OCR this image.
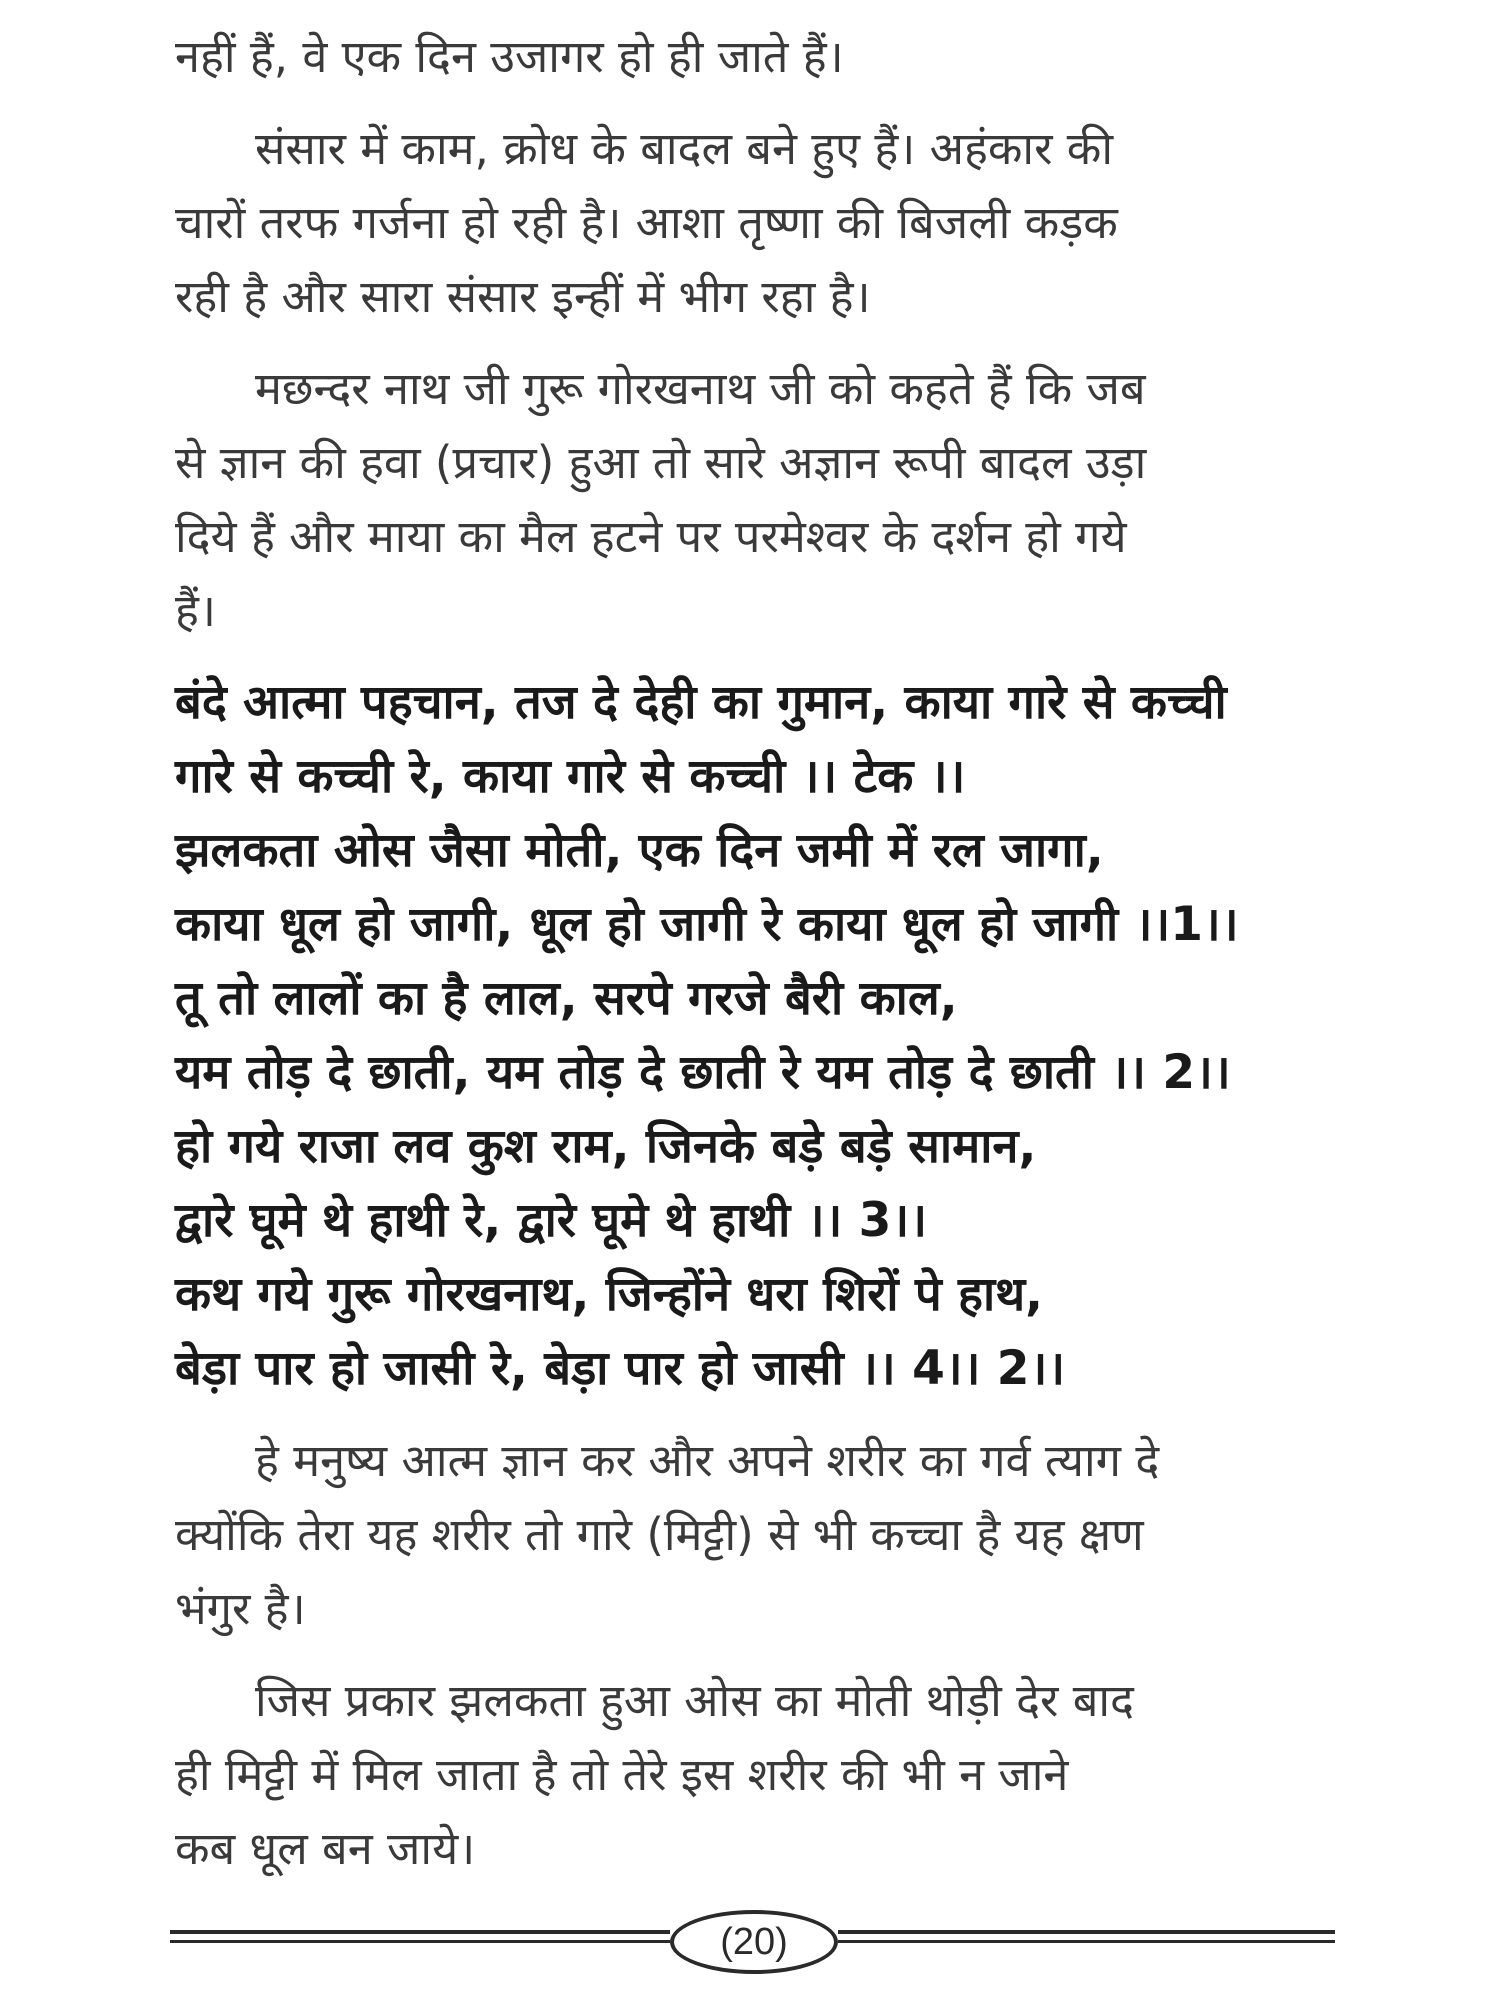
नहीं हैं, वे एक दिन उजागर हो ही जाते हैं।

संसार में काम, क्रोध के बादल बने हुए हैं। अहंकार की
चारों तरफ गर्जना हो रही है। आशा तृष्णा की बिजली कड़क
रही है और सारा संसार इन्हीं में भीग रहा है।

मछन्दर नाथ जी गुरू गोरखनाथ जी को कहते हैं कि जब
से ज्ञान की हवा (प्रचार) हुआ तो सारे अज्ञान रूपी बादल उड़ा
दिये हैं और माया का मैल हटने पर परमेश्वर के दर्शन हो गये
हैं।

बंदे आत्मा पहचान, तज दे देही का गुमान, काया गारे से कच्ची
गारे से कच्ची रे, काया गारे से कच्ची ।। टेक ।।
झलकता ओस जैसा मोती, एक दिन जमी में रल जागा,
काया धूल हो जागी, धूल हो जागी रे काया धूल हो जागी ।।1।।
तू तो लालों का है लाल, सरपे गरजे बैरी काल,
यम तोड़ दे छाती, यम तोड़ दे छाती रे यम तोड़ दे छाती ।। 2।।
हो गये राजा लव कुश राम, जिनके बड़े बड़े सामान,
द्वारे घूमे थे हाथी रे, द्वारे घूमे थे हाथी ।। 3।।
कथ गये गुरू गोरखनाथ, जिन्होंने धरा शिरों पे हाथ,
बेड़ा पार हो जासी रे, बेड़ा पार हो जासी ।। 4।। 2।।

हे मनुष्य आत्म ज्ञान कर और अपने शरीर का गर्व त्याग दे
क्योंकि तेरा यह शरीर तो गारे (मिट्टी) से भी कच्चा है यह क्षण
भंगुर है।

जिस प्रकार झलकता हुआ ओस का मोती थोड़ी देर बाद
ही मिट्टी में मिल जाता है तो तेरे इस शरीर की भी न जाने
कब धूल बन जाये।

(20)
